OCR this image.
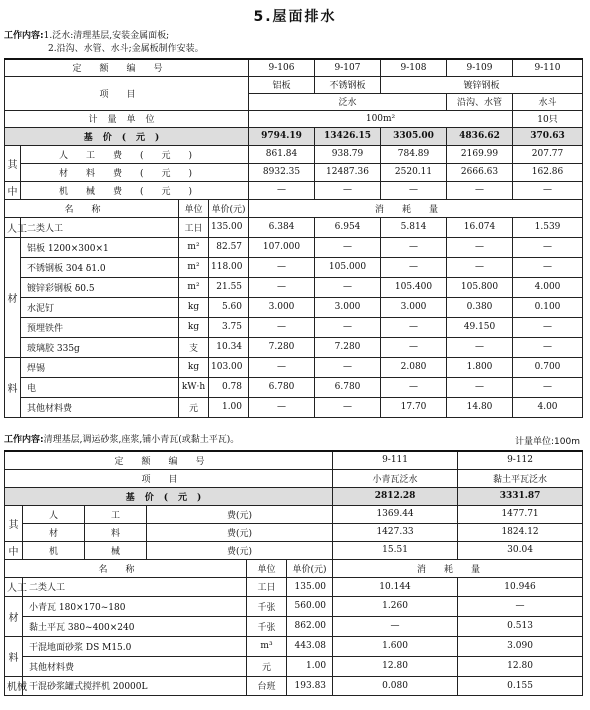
5.屋面排水
工作内容:1.泛水:清理基层,安装金属面板;
2.沿沟、水管、水斗;金属板制作安装。
定额编号				9-106	9-107	9-108	9-109	9-110
项目				铝板	不锈钢板	镀锌钢板		
				泛水			沿沟、水管	水斗
计量单位				100m²				10只
基价(元)				9794.19	13426.15	3305.00	4836.62	370.63
其	人工费(元)			861.84	938.79	784.89	2169.99	207.77
	材料费(元)			8932.35	12487.36	2520.11	2666.63	162.86
中	机械费(元)			—	—	—	—	—
名称		单位	单价(元)	消耗量				
人工	二类人工	工日	135.00	6.384	6.954	5.814	16.074	1.539
材	铝板 1200×300×1	m²	82.57	107.000	—	—	—	—
	不锈钢板 304 δ1.0	m²	118.00	—	105.000	—	—	—
	镀锌彩钢板 δ0.5	m²	21.55	—	—	105.400	105.800	4.000
	水泥钉	kg	5.60	3.000	3.000	3.000	0.380	0.100
	预埋铁件	kg	3.75	—	—	—	49.150	—
	玻璃胶 335g	支	10.34	7.280	7.280	—	—	—
料	焊锡	kg	103.00	—	—	2.080	1.800	0.700
	电	kW·h	0.78	6.780	6.780	—	—	—
	其他材料费	元	1.00	—	—	17.70	14.80	4.00
工作内容:清理基层,调运砂浆,座浆,铺小青瓦(或黏土平瓦)。	计量单位:100m
定额编号						9-111	9-112
项目						小青瓦泛水	黏土平瓦泛水
基价(元)						2812.28	3331.87
其	人	工	费(元)			1369.44	1477.71
	材	料	费(元)			1427.33	1824.12
中	机	械	费(元)			15.51	30.04
名称				单位	单价(元)	消耗量	
人工	二类人工			工日	135.00	10.144	10.946
材	小青瓦 180×170~180			千张	560.00	1.260	—
	黏土平瓦 380~400×240			千张	862.00	—	0.513
料	干混地面砂浆 DS M15.0			m³	443.08	1.600	3.090
	其他材料费			元	1.00	12.80	12.80
机械	干混砂浆罐式搅拌机 20000L			台班	193.83	0.080	0.155
